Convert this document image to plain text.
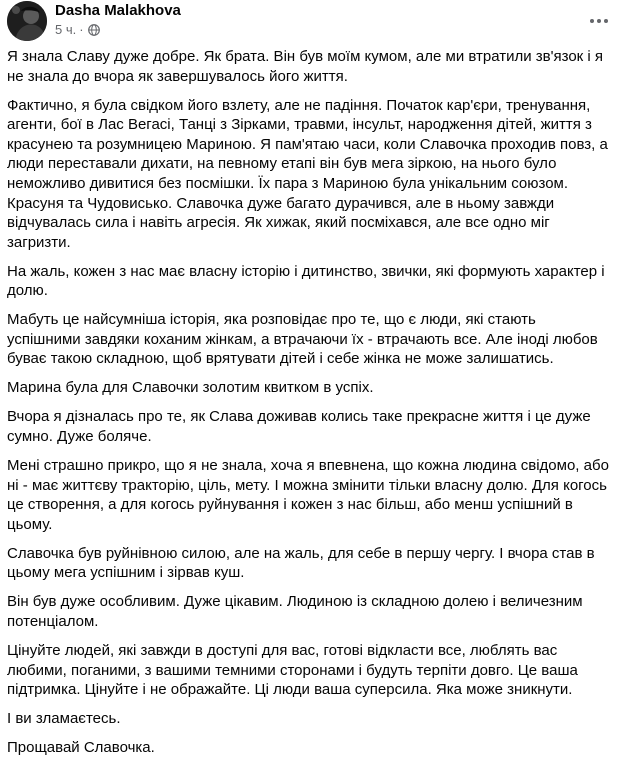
Dasha Malakhova
5 ч. ·

Я знала Славу дуже добре. Як брата. Він був моїм кумом, але ми втратили зв'язок і я не знала до вчора як завершувалось його життя.

Фактично, я була свідком його взлету, але не падіння. Початок кар'єри, тренування, агенти, бої в Лас Вегасі, Танці з Зірками, травми, інсульт, народження дітей, життя з красунею та розумницею Мариною. Я пам'ятаю часи, коли Славочка проходив повз, а люди переставали дихати, на певному етапі він був мега зіркою, на нього було неможливо дивитися без посмішки. Їх пара з Мариною була унікальним союзом. Красуня та Чудовисько. Славочка дуже багато дурачився, але в ньому завжди відчувалась сила і навіть агресія. Як хижак, який посміхався, але все одно міг загризти.

На жаль, кожен з нас має власну історію і дитинство, звички, які формують характер і долю.

Мабуть це найсумніша історія, яка розповідає про те, що є люди, які стають успішними завдяки коханим жінкам, а втрачаючи їх - втрачають все. Але іноді любов буває такою складною, щоб врятувати дітей і себе жінка не може залишатись.

Марина була для Славочки золотим квитком в успіх.

Вчора я дізналась про те, як Слава доживав колись таке прекрасне життя і це дуже сумно. Дуже боляче.

Мені страшно прикро, що я не знала, хоча я впевнена, що кожна людина свідомо, або ні - має життєву тракторію, ціль, мету. І можна змінити тільки власну долю. Для когось це створення, а для когось руйнування і кожен з нас більш, або менш успішний в цьому.

Славочка був руйнівною силою, але на жаль, для себе в першу чергу. І вчора став в цьому мега успішним і зірвав куш.

Він був дуже особливим. Дуже цікавим. Людиною із складною долею і величезним потенціалом.

Цінуйте людей, які завжди в доступі для вас, готові відкласти все, люблять вас любими, поганими, з вашими темними сторонами і будуть терпіти довго. Це ваша підтримка. Цінуйте і не ображайте. Ці люди ваша суперсила. Яка може зникнути.

І ви зламаєтесь.

Прощавай Славочка.
